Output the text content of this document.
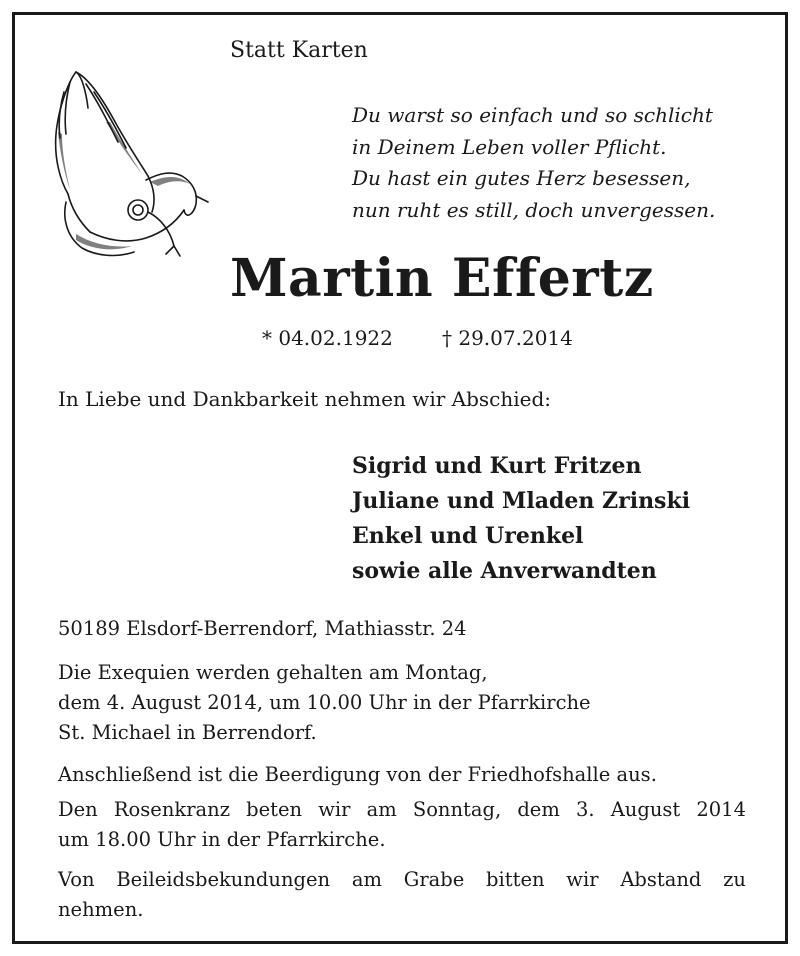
Statt Karten
Du warst so einfach und so schlicht
in Deinem Leben voller Pflicht.
Du hast ein gutes Herz besessen,
nun ruht es still, doch unvergessen.
Martin Effertz
* 04.02.1922 † 29.07.2014
In Liebe und Dankbarkeit nehmen wir Abschied:
Sigrid und Kurt Fritzen
Juliane und Mladen Zrinski
Enkel und Urenkel
sowie alle Anverwandten
50189 Elsdorf-Berrendorf, Mathiasstr. 24
Die Exequien werden gehalten am Montag,
dem 4. August 2014, um 10.00 Uhr in der Pfarrkirche
St. Michael in Berrendorf.
Anschließend ist die Beerdigung von der Friedhofshalle aus.
Den Rosenkranz beten wir am Sonntag, dem 3. August 2014
um 18.00 Uhr in der Pfarrkirche.
Von Beileidsbekundungen am Grabe bitten wir Abstand zu
nehmen.
